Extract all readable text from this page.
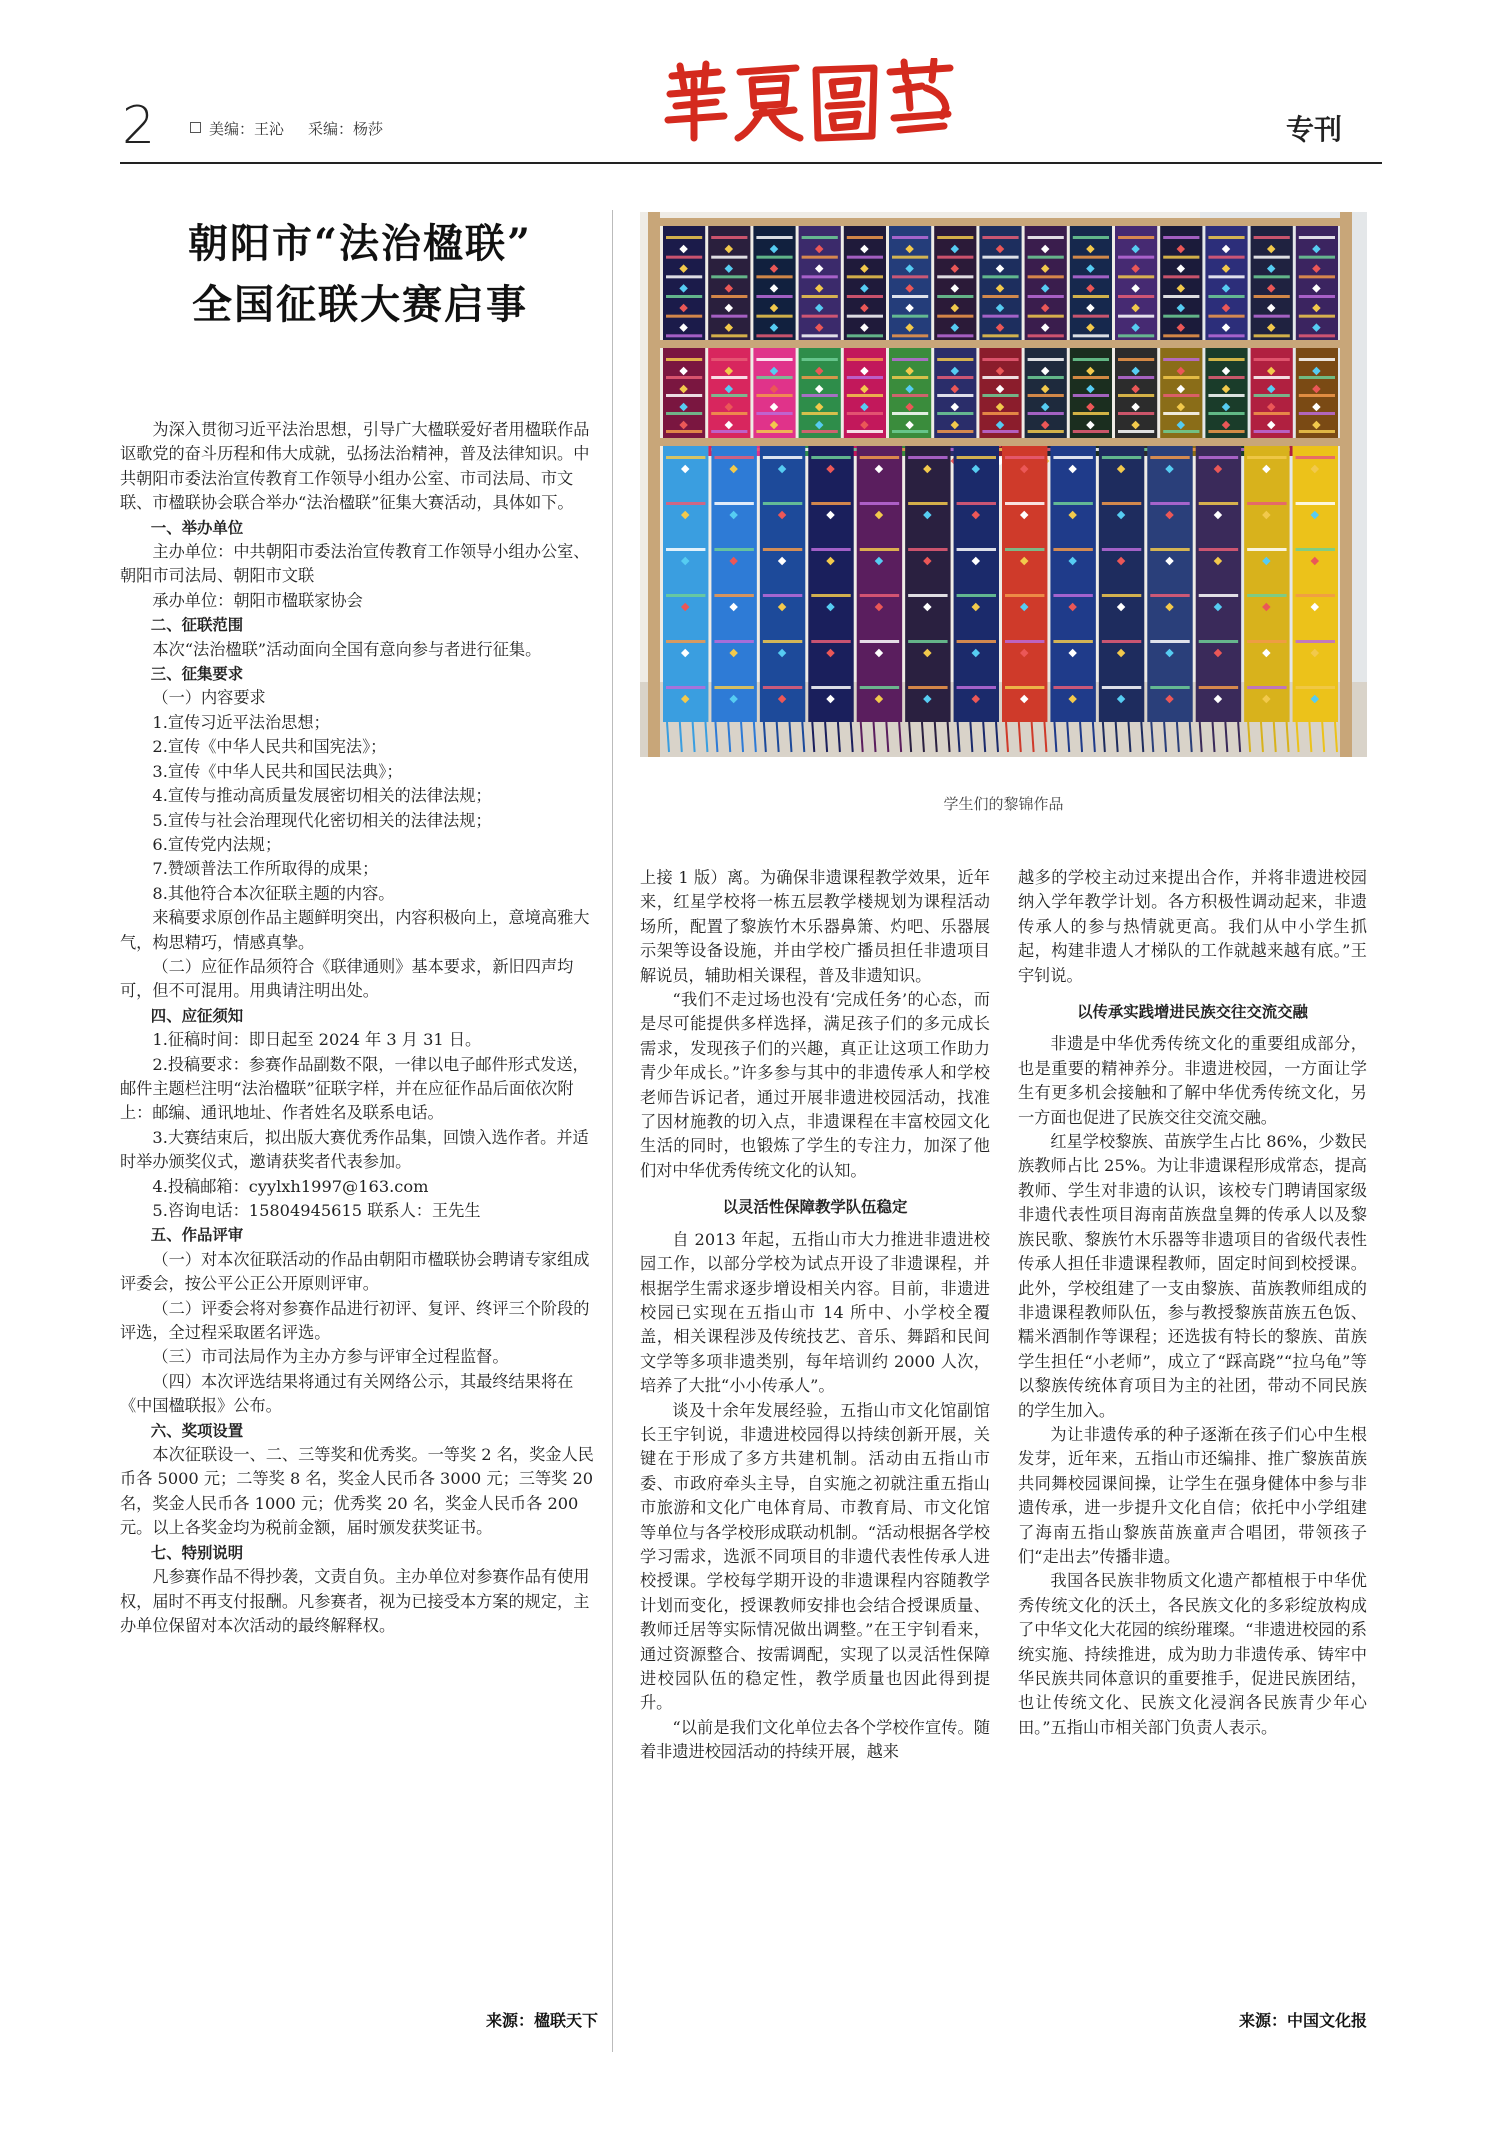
2	美编：王沁 采编：杨莎	专刊
朝阳市“法治楹联”
全国征联大赛启事

为深入贯彻习近平法治思想，引导广大楹联爱好者用楹联作品讴歌党的奋斗历程和伟大成就，弘扬法治精神，普及法律知识。中共朝阳市委法治宣传教育工作领导小组办公室、市司法局、市文联、市楹联协会联合举办“法治楹联”征集大赛活动，具体如下。

一、举办单位

主办单位：中共朝阳市委法治宣传教育工作领导小组办公室、朝阳市司法局、朝阳市文联

承办单位：朝阳市楹联家协会

二、征联范围

本次“法治楹联”活动面向全国有意向参与者进行征集。

三、征集要求

（一）内容要求

1.宣传习近平法治思想；

2.宣传《中华人民共和国宪法》；

3.宣传《中华人民共和国民法典》；

4.宣传与推动高质量发展密切相关的法律法规；

5.宣传与社会治理现代化密切相关的法律法规；

6.宣传党内法规；

7.赞颂普法工作所取得的成果；

8.其他符合本次征联主题的内容。

来稿要求原创作品主题鲜明突出，内容积极向上，意境高雅大气，构思精巧，情感真挚。

（二）应征作品须符合《联律通则》基本要求，新旧四声均可，但不可混用。用典请注明出处。

四、应征须知

1.征稿时间：即日起至 2024 年 3 月 31 日。

2.投稿要求：参赛作品副数不限，一律以电子邮件形式发送，邮件主题栏注明“法治楹联”征联字样，并在应征作品后面依次附上：邮编、通讯地址、作者姓名及联系电话。

3.大赛结束后，拟出版大赛优秀作品集，回馈入选作者。并适时举办颁奖仪式，邀请获奖者代表参加。

4.投稿邮箱：cyylxh1997@163.com

5.咨询电话：15804945615 联系人：王先生

五、作品评审

（一）对本次征联活动的作品由朝阳市楹联协会聘请专家组成评委会，按公平公正公开原则评审。

（二）评委会将对参赛作品进行初评、复评、终评三个阶段的评选，全过程采取匿名评选。

（三）市司法局作为主办方参与评审全过程监督。

（四）本次评选结果将通过有关网络公示，其最终结果将在《中国楹联报》公布。

六、奖项设置

本次征联设一、二、三等奖和优秀奖。一等奖 2 名，奖金人民币各 5000 元；二等奖 8 名，奖金人民币各 3000 元；三等奖 20 名，奖金人民币各 1000 元；优秀奖 20 名，奖金人民币各 200 元。以上各奖金均为税前金额，届时颁发获奖证书。

七、特别说明

凡参赛作品不得抄袭，文责自负。主办单位对参赛作品有使用权，届时不再支付报酬。凡参赛者，视为已接受本方案的规定，主办单位保留对本次活动的最终解释权。

来源：楹联天下
学生们的黎锦作品

上接 1 版）离。为确保非遗课程教学效果，近年来，红星学校将一栋五层教学楼规划为课程活动场所，配置了黎族竹木乐器鼻箫、灼吧、乐器展示架等设备设施，并由学校广播员担任非遗项目解说员，辅助相关课程，普及非遗知识。

“我们不走过场也没有‘完成任务’的心态，而是尽可能提供多样选择，满足孩子们的多元成长需求，发现孩子们的兴趣，真正让这项工作助力青少年成长。”许多参与其中的非遗传承人和学校老师告诉记者，通过开展非遗进校园活动，找准了因材施教的切入点，非遗课程在丰富校园文化生活的同时，也锻炼了学生的专注力，加深了他们对中华优秀传统文化的认知。

以灵活性保障教学队伍稳定

自 2013 年起，五指山市大力推进非遗进校园工作，以部分学校为试点开设了非遗课程，并根据学生需求逐步增设相关内容。目前，非遗进校园已实现在五指山市 14 所中、小学校全覆盖，相关课程涉及传统技艺、音乐、舞蹈和民间文学等多项非遗类别，每年培训约 2000 人次，培养了大批“小小传承人”。

谈及十余年发展经验，五指山市文化馆副馆长王宇钊说，非遗进校园得以持续创新开展，关键在于形成了多方共建机制。活动由五指山市委、市政府牵头主导，自实施之初就注重五指山市旅游和文化广电体育局、市教育局、市文化馆等单位与各学校形成联动机制。“活动根据各学校学习需求，选派不同项目的非遗代表性传承人进校授课。学校每学期开设的非遗课程内容随教学计划而变化，授课教师安排也会结合授课质量、教师迁居等实际情况做出调整。”在王宇钊看来，通过资源整合、按需调配，实现了以灵活性保障进校园队伍的稳定性，教学质量也因此得到提升。

“以前是我们文化单位去各个学校作宣传。随着非遗进校园活动的持续开展，越来

越多的学校主动过来提出合作，并将非遗进校园纳入学年教学计划。各方积极性调动起来，非遗传承人的参与热情就更高。我们从中小学生抓起，构建非遗人才梯队的工作就越来越有底。”王宇钊说。

以传承实践增进民族交往交流交融

非遗是中华优秀传统文化的重要组成部分，也是重要的精神养分。非遗进校园，一方面让学生有更多机会接触和了解中华优秀传统文化，另一方面也促进了民族交往交流交融。

红星学校黎族、苗族学生占比 86%，少数民族教师占比 25%。为让非遗课程形成常态，提高教师、学生对非遗的认识，该校专门聘请国家级非遗代表性项目海南苗族盘皇舞的传承人以及黎族民歌、黎族竹木乐器等非遗项目的省级代表性传承人担任非遗课程教师，固定时间到校授课。此外，学校组建了一支由黎族、苗族教师组成的非遗课程教师队伍，参与教授黎族苗族五色饭、糯米酒制作等课程；还选拔有特长的黎族、苗族学生担任“小老师”，成立了“踩高跷”“拉乌龟”等以黎族传统体育项目为主的社团，带动不同民族的学生加入。

为让非遗传承的种子逐渐在孩子们心中生根发芽，近年来，五指山市还编排、推广黎族苗族共同舞校园课间操，让学生在强身健体中参与非遗传承，进一步提升文化自信；依托中小学组建了海南五指山黎族苗族童声合唱团，带领孩子们“走出去”传播非遗。

我国各民族非物质文化遗产都植根于中华优秀传统文化的沃土，各民族文化的多彩绽放构成了中华文化大花园的缤纷璀璨。“非遗进校园的系统实施、持续推进，成为助力非遗传承、铸牢中华民族共同体意识的重要推手，促进民族团结，也让传统文化、民族文化浸润各民族青少年心田。”五指山市相关部门负责人表示。

来源：中国文化报
